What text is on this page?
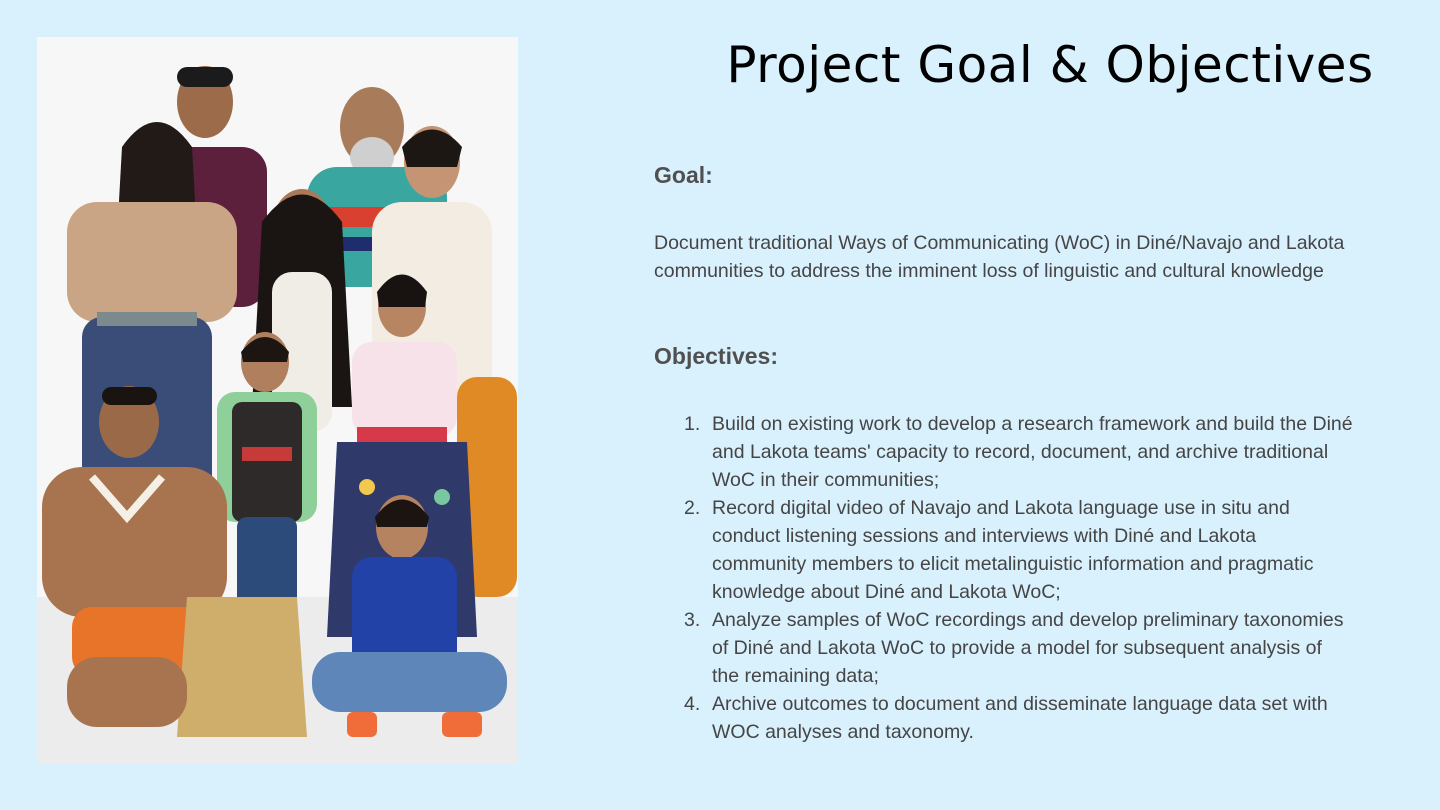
Project Goal & Objectives
Goal:
Document traditional Ways of Communicating (WoC) in Diné/Navajo and Lakota communities to address the imminent loss of linguistic and cultural knowledge
Objectives:
1. Build on existing work to develop a research framework and build the Diné and Lakota teams' capacity to record, document, and archive traditional WoC in their communities;
2. Record digital video of Navajo and Lakota language use in situ and conduct listening sessions and interviews with Diné and Lakota community members to elicit metalinguistic information and pragmatic knowledge about Diné and Lakota WoC;
3. Analyze samples of WoC recordings and develop preliminary taxonomies of Diné and Lakota WoC to provide a model for subsequent analysis of the remaining data;
4. Archive outcomes to document and disseminate language data set with WOC analyses and taxonomy.
